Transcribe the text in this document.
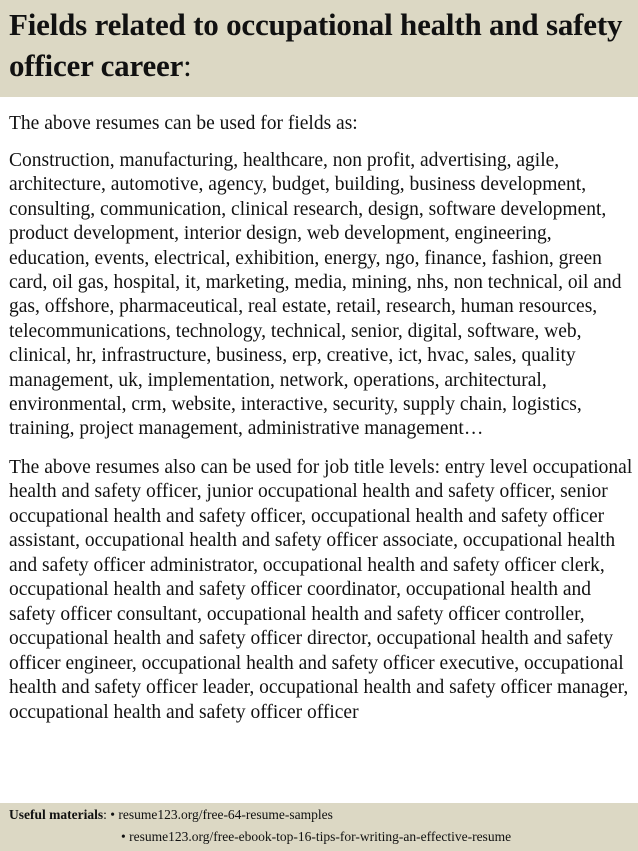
Fields related to occupational health and safety officer career:

The above resumes can be used for fields as:

Construction, manufacturing, healthcare, non profit, advertising, agile, architecture, automotive, agency, budget, building, business development, consulting, communication, clinical research, design, software development, product development, interior design, web development, engineering, education, events, electrical, exhibition, energy, ngo, finance, fashion, green card, oil gas, hospital, it, marketing, media, mining, nhs, non technical, oil and gas, offshore, pharmaceutical, real estate, retail, research, human resources, telecommunications, technology, technical, senior, digital, software, web, clinical, hr, infrastructure, business, erp, creative, ict, hvac, sales, quality management, uk, implementation, network, operations, architectural, environmental, crm, website, interactive, security, supply chain, logistics, training, project management, administrative management…

The above resumes also can be used for job title levels: entry level occupational health and safety officer, junior occupational health and safety officer, senior occupational health and safety officer, occupational health and safety officer assistant, occupational health and safety officer associate, occupational health and safety officer administrator, occupational health and safety officer clerk, occupational health and safety officer coordinator, occupational health and safety officer consultant, occupational health and safety officer controller, occupational health and safety officer director, occupational health and safety officer engineer, occupational health and safety officer executive, occupational health and safety officer leader, occupational health and safety officer manager, occupational health and safety officer officer

Useful materials: • resume123.org/free-64-resume-samples
• resume123.org/free-ebook-top-16-tips-for-writing-an-effective-resume
